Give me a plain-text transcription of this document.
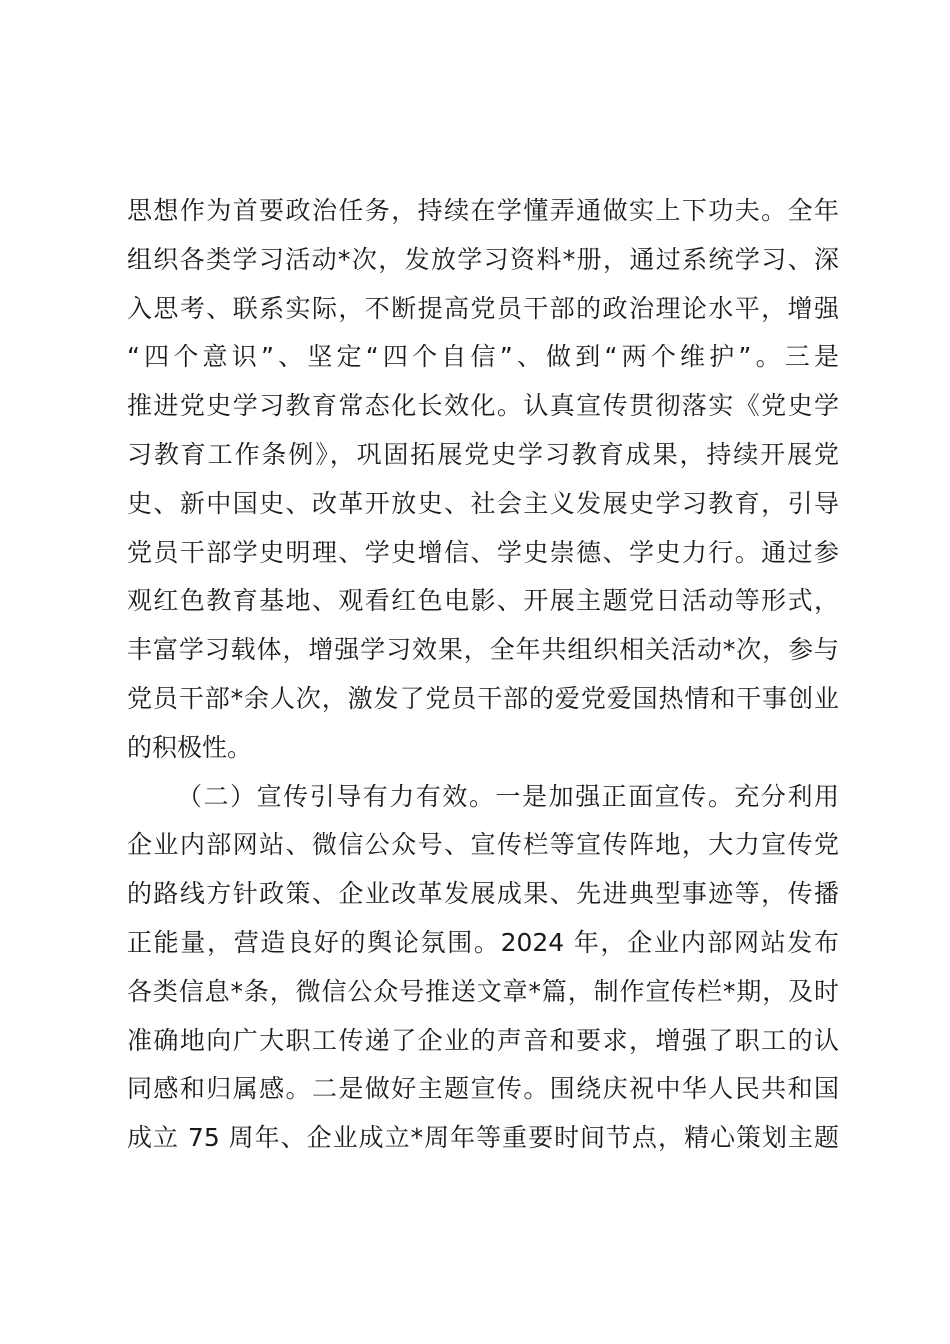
思想作为首要政治任务，持续在学懂弄通做实上下功夫。全年
组织各类学习活动*次，发放学习资料*册，通过系统学习、深
入思考、联系实际，不断提高党员干部的政治理论水平，增强
“四个意识”、坚定“四个自信”、做到“两个维护”。三是
推进党史学习教育常态化长效化。认真宣传贯彻落实《党史学
习教育工作条例》，巩固拓展党史学习教育成果，持续开展党
史、新中国史、改革开放史、社会主义发展史学习教育，引导
党员干部学史明理、学史增信、学史崇德、学史力行。通过参
观红色教育基地、观看红色电影、开展主题党日活动等形式，
丰富学习载体，增强学习效果，全年共组织相关活动*次，参与
党员干部*余人次，激发了党员干部的爱党爱国热情和干事创业
的积极性。
（二）宣传引导有力有效。一是加强正面宣传。充分利用
企业内部网站、微信公众号、宣传栏等宣传阵地，大力宣传党
的路线方针政策、企业改革发展成果、先进典型事迹等，传播
正能量，营造良好的舆论氛围。2024 年，企业内部网站发布
各类信息*条，微信公众号推送文章*篇，制作宣传栏*期，及时
准确地向广大职工传递了企业的声音和要求，增强了职工的认
同感和归属感。二是做好主题宣传。围绕庆祝中华人民共和国
成立 75 周年、企业成立*周年等重要时间节点，精心策划主题
